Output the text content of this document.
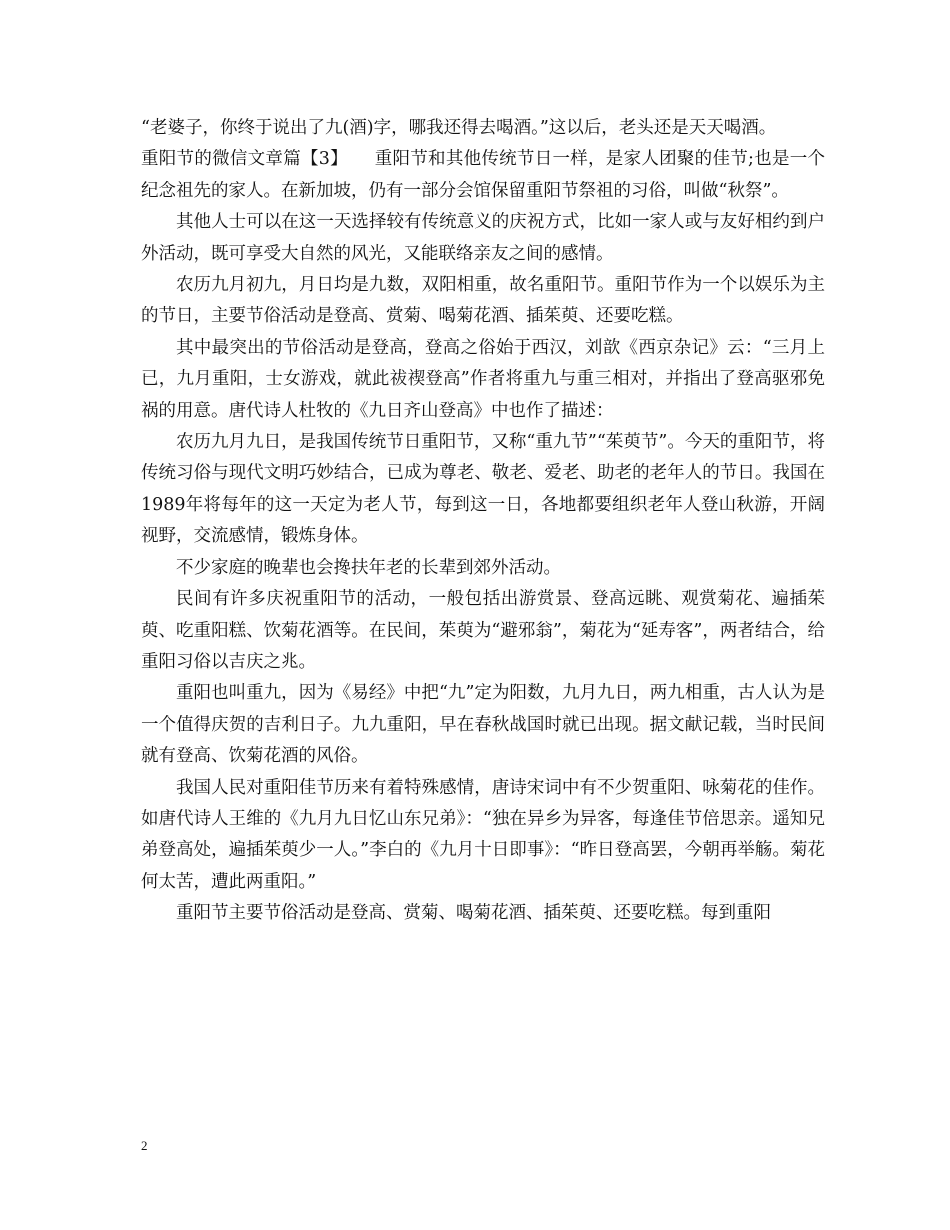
“老婆子，你终于说出了九(酒)字，哪我还得去喝酒。”这以后，老头还是天天喝酒。

重阳节的微信文章篇【3】　　重阳节和其他传统节日一样，是家人团聚的佳节;也是一个纪念祖先的家人。在新加坡，仍有一部分会馆保留重阳节祭祖的习俗，叫做“秋祭”。

其他人士可以在这一天选择较有传统意义的庆祝方式，比如一家人或与友好相约到户外活动，既可享受大自然的风光，又能联络亲友之间的感情。

农历九月初九，月日均是九数，双阳相重，故名重阳节。重阳节作为一个以娱乐为主的节日，主要节俗活动是登高、赏菊、喝菊花酒、插茱萸、还要吃糕。

其中最突出的节俗活动是登高，登高之俗始于西汉，刘歆《西京杂记》云：“三月上已，九月重阳，士女游戏，就此祓禊登高”作者将重九与重三相对，并指出了登高驱邪免祸的用意。唐代诗人杜牧的《九日齐山登高》中也作了描述：

农历九月九日，是我国传统节日重阳节，又称“重九节”“茱萸节”。今天的重阳节，将传统习俗与现代文明巧妙结合，已成为尊老、敬老、爱老、助老的老年人的节日。我国在1989年将每年的这一天定为老人节，每到这一日，各地都要组织老年人登山秋游，开阔视野，交流感情，锻炼身体。

不少家庭的晚辈也会搀扶年老的长辈到郊外活动。

民间有许多庆祝重阳节的活动，一般包括出游赏景、登高远眺、观赏菊花、遍插茱萸、吃重阳糕、饮菊花酒等。在民间，茱萸为“避邪翁”，菊花为“延寿客”，两者结合，给重阳习俗以吉庆之兆。

重阳也叫重九，因为《易经》中把“九”定为阳数，九月九日，两九相重，古人认为是一个值得庆贺的吉利日子。九九重阳，早在春秋战国时就已出现。据文献记载，当时民间就有登高、饮菊花酒的风俗。

我国人民对重阳佳节历来有着特殊感情，唐诗宋词中有不少贺重阳、咏菊花的佳作。如唐代诗人王维的《九月九日忆山东兄弟》：“独在异乡为异客，每逢佳节倍思亲。遥知兄弟登高处，遍插茱萸少一人。”李白的《九月十日即事》：“昨日登高罢，今朝再举觞。菊花何太苦，遭此两重阳。”

重阳节主要节俗活动是登高、赏菊、喝菊花酒、插茱萸、还要吃糕。每到重阳

2
